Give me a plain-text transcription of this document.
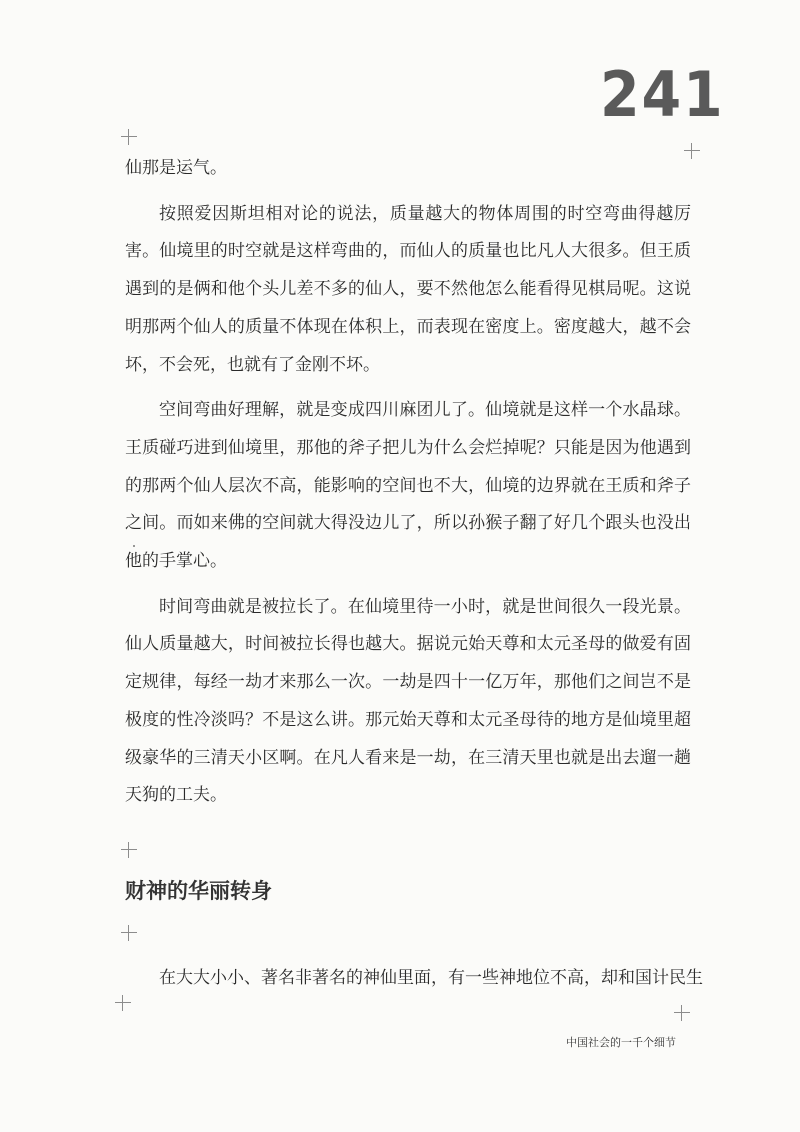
241

仙那是运气。

按照爱因斯坦相对论的说法，质量越大的物体周围的时空弯曲得越厉害。仙境里的时空就是这样弯曲的，而仙人的质量也比凡人大很多。但王质遇到的是俩和他个头儿差不多的仙人，要不然他怎么能看得见棋局呢。这说明那两个仙人的质量不体现在体积上，而表现在密度上。密度越大，越不会坏，不会死，也就有了金刚不坏。

空间弯曲好理解，就是变成四川麻团儿了。仙境就是这样一个水晶球。王质碰巧进到仙境里，那他的斧子把儿为什么会烂掉呢？只能是因为他遇到的那两个仙人层次不高，能影响的空间也不大，仙境的边界就在王质和斧子之间。而如来佛的空间就大得没边儿了，所以孙猴子翻了好几个跟头也没出他的手掌心。

时间弯曲就是被拉长了。在仙境里待一小时，就是世间很久一段光景。仙人质量越大，时间被拉长得也越大。据说元始天尊和太元圣母的做爱有固定规律，每经一劫才来那么一次。一劫是四十一亿万年，那他们之间岂不是极度的性冷淡吗？不是这么讲。那元始天尊和太元圣母待的地方是仙境里超级豪华的三清天小区啊。在凡人看来是一劫，在三清天里也就是出去遛一趟天狗的工夫。

财神的华丽转身

在大大小小、著名非著名的神仙里面，有一些神地位不高，却和国计民生

中国社会的一千个细节
